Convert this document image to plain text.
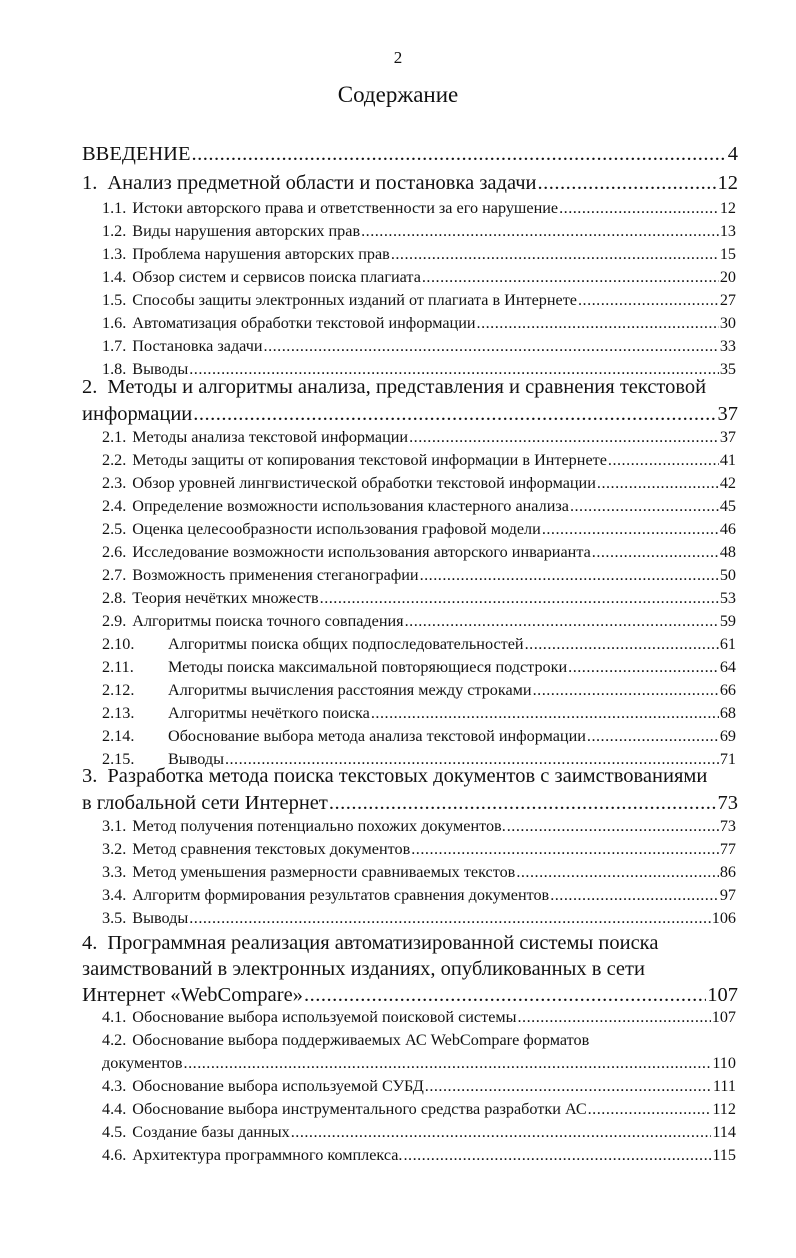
2
Содержание
ВВЕДЕНИЕ .....	4
1. Анализ предметной области и постановка задачи .....	12
1.1. Истоки авторского права и ответственности за его нарушение .....	12
1.2. Виды нарушения авторских прав .....	13
1.3. Проблема нарушения авторских прав .....	15
1.4. Обзор систем и сервисов поиска плагиата .....	20
1.5. Способы защиты электронных изданий от плагиата в Интернете .....	27
1.6. Автоматизация обработки текстовой информации .....	30
1.7. Постановка задачи .....	33
1.8. Выводы .....	35
2. Методы и алгоритмы анализа, представления и сравнения текстовой
информации .....	37
2.1. Методы анализа текстовой информации .....	37
2.2. Методы защиты от копирования текстовой информации в Интернете .....	41
2.3. Обзор уровней лингвистической обработки текстовой информации .....	42
2.4. Определение возможности использования кластерного анализа .....	45
2.5. Оценка целесообразности использования графовой модели .....	46
2.6. Исследование возможности использования авторского инварианта .....	48
2.7. Возможность применения стеганографии .....	50
2.8. Теория нечётких множеств .....	53
2.9. Алгоритмы поиска точного совпадения .....	59
2.10.	Алгоритмы поиска общих подпоследовательностей .....	61
2.11.	Методы поиска максимальной повторяющиеся подстроки .....	64
2.12.	Алгоритмы вычисления расстояния между строками .....	66
2.13.	Алгоритмы нечёткого поиска .....	68
2.14.	Обоснование выбора метода анализа текстовой информации .....	69
2.15.	Выводы .....	71
3. Разработка метода поиска текстовых документов с заимствованиями
в глобальной сети Интернет .....	73
3.1. Метод получения потенциально похожих документов. .....	73
3.2. Метод сравнения текстовых документов .....	77
3.3. Метод уменьшения размерности сравниваемых текстов .....	86
3.4. Алгоритм формирования результатов сравнения документов .....	97
3.5. Выводы .....	106
4. Программная реализация автоматизированной системы поиска
заимствований в электронных изданиях, опубликованных в сети
Интернет «WebCompare» .....	107
4.1. Обоснование выбора используемой поисковой системы .....	107
4.2. Обоснование выбора поддерживаемых АС WebCompare форматов
документов .....	110
4.3. Обоснование выбора используемой СУБД .....	111
4.4. Обоснование выбора инструментального средства разработки АС .....	112
4.5. Создание базы данных .....	114
4.6. Архитектура программного комплекса. .....	115
